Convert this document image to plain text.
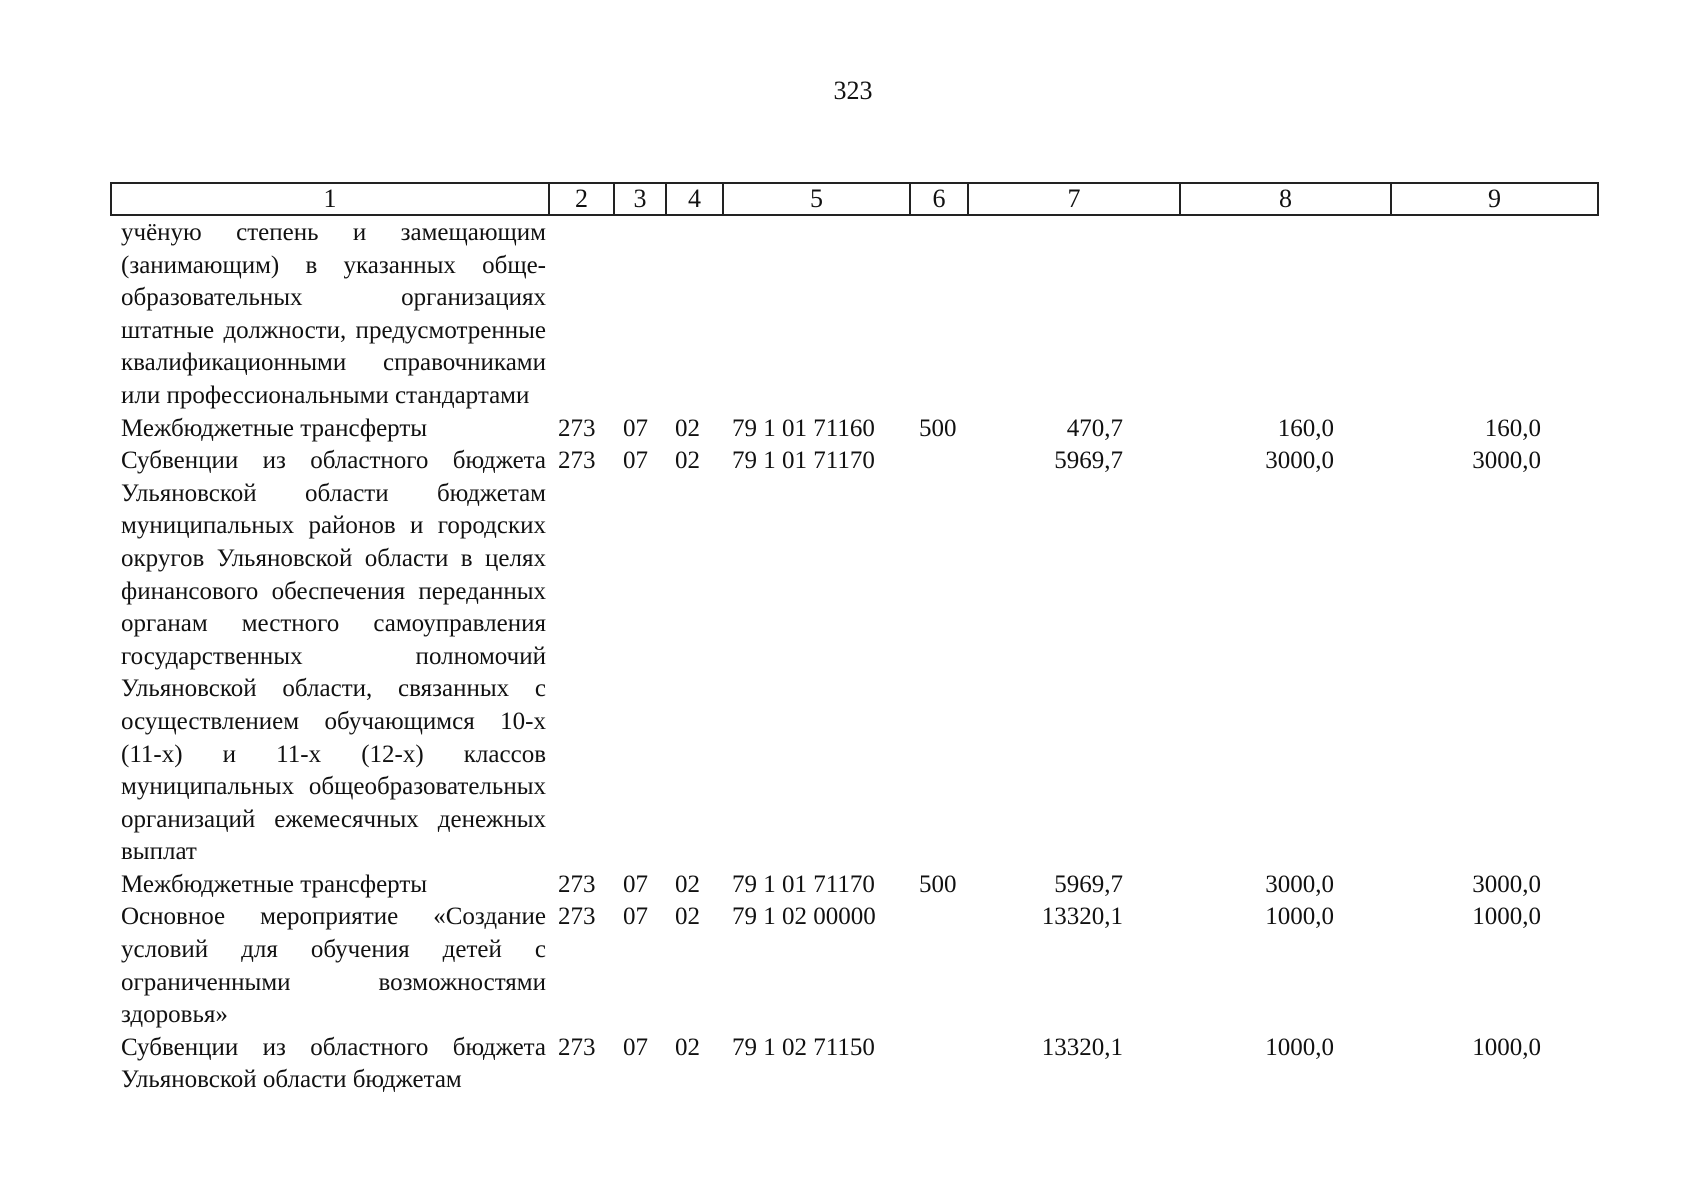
323
1	2	3	4	5	6	7	8	9
учёную степень и замещающим (занимающим) в указанных общеобразовательных организациях штатные должности, предусмотренные квалификационными справочниками или профессиональными стандартами								
Межбюджетные трансферты	273	07	02	79 1 01 71160	500	470,7	160,0	160,0
Субвенции из областного бюджета Ульяновской области бюджетам муниципальных районов и городских округов Ульяновской области в целях финансового обеспечения переданных органам местного самоуправления государственных полномочий Ульяновской области, связанных с осуществлением обучающимся 10-х (11-х) и 11-х (12-х) классов муниципальных общеобразовательных организаций ежемесячных денежных выплат	273	07	02	79 1 01 71170		5969,7	3000,0	3000,0
Межбюджетные трансферты	273	07	02	79 1 01 71170	500	5969,7	3000,0	3000,0
Основное мероприятие «Создание условий для обучения детей с ограниченными возможностями здоровья»	273	07	02	79 1 02 00000		13320,1	1000,0	1000,0
Субвенции из областного бюджета Ульяновской области бюджетам	273	07	02	79 1 02 71150		13320,1	1000,0	1000,0
